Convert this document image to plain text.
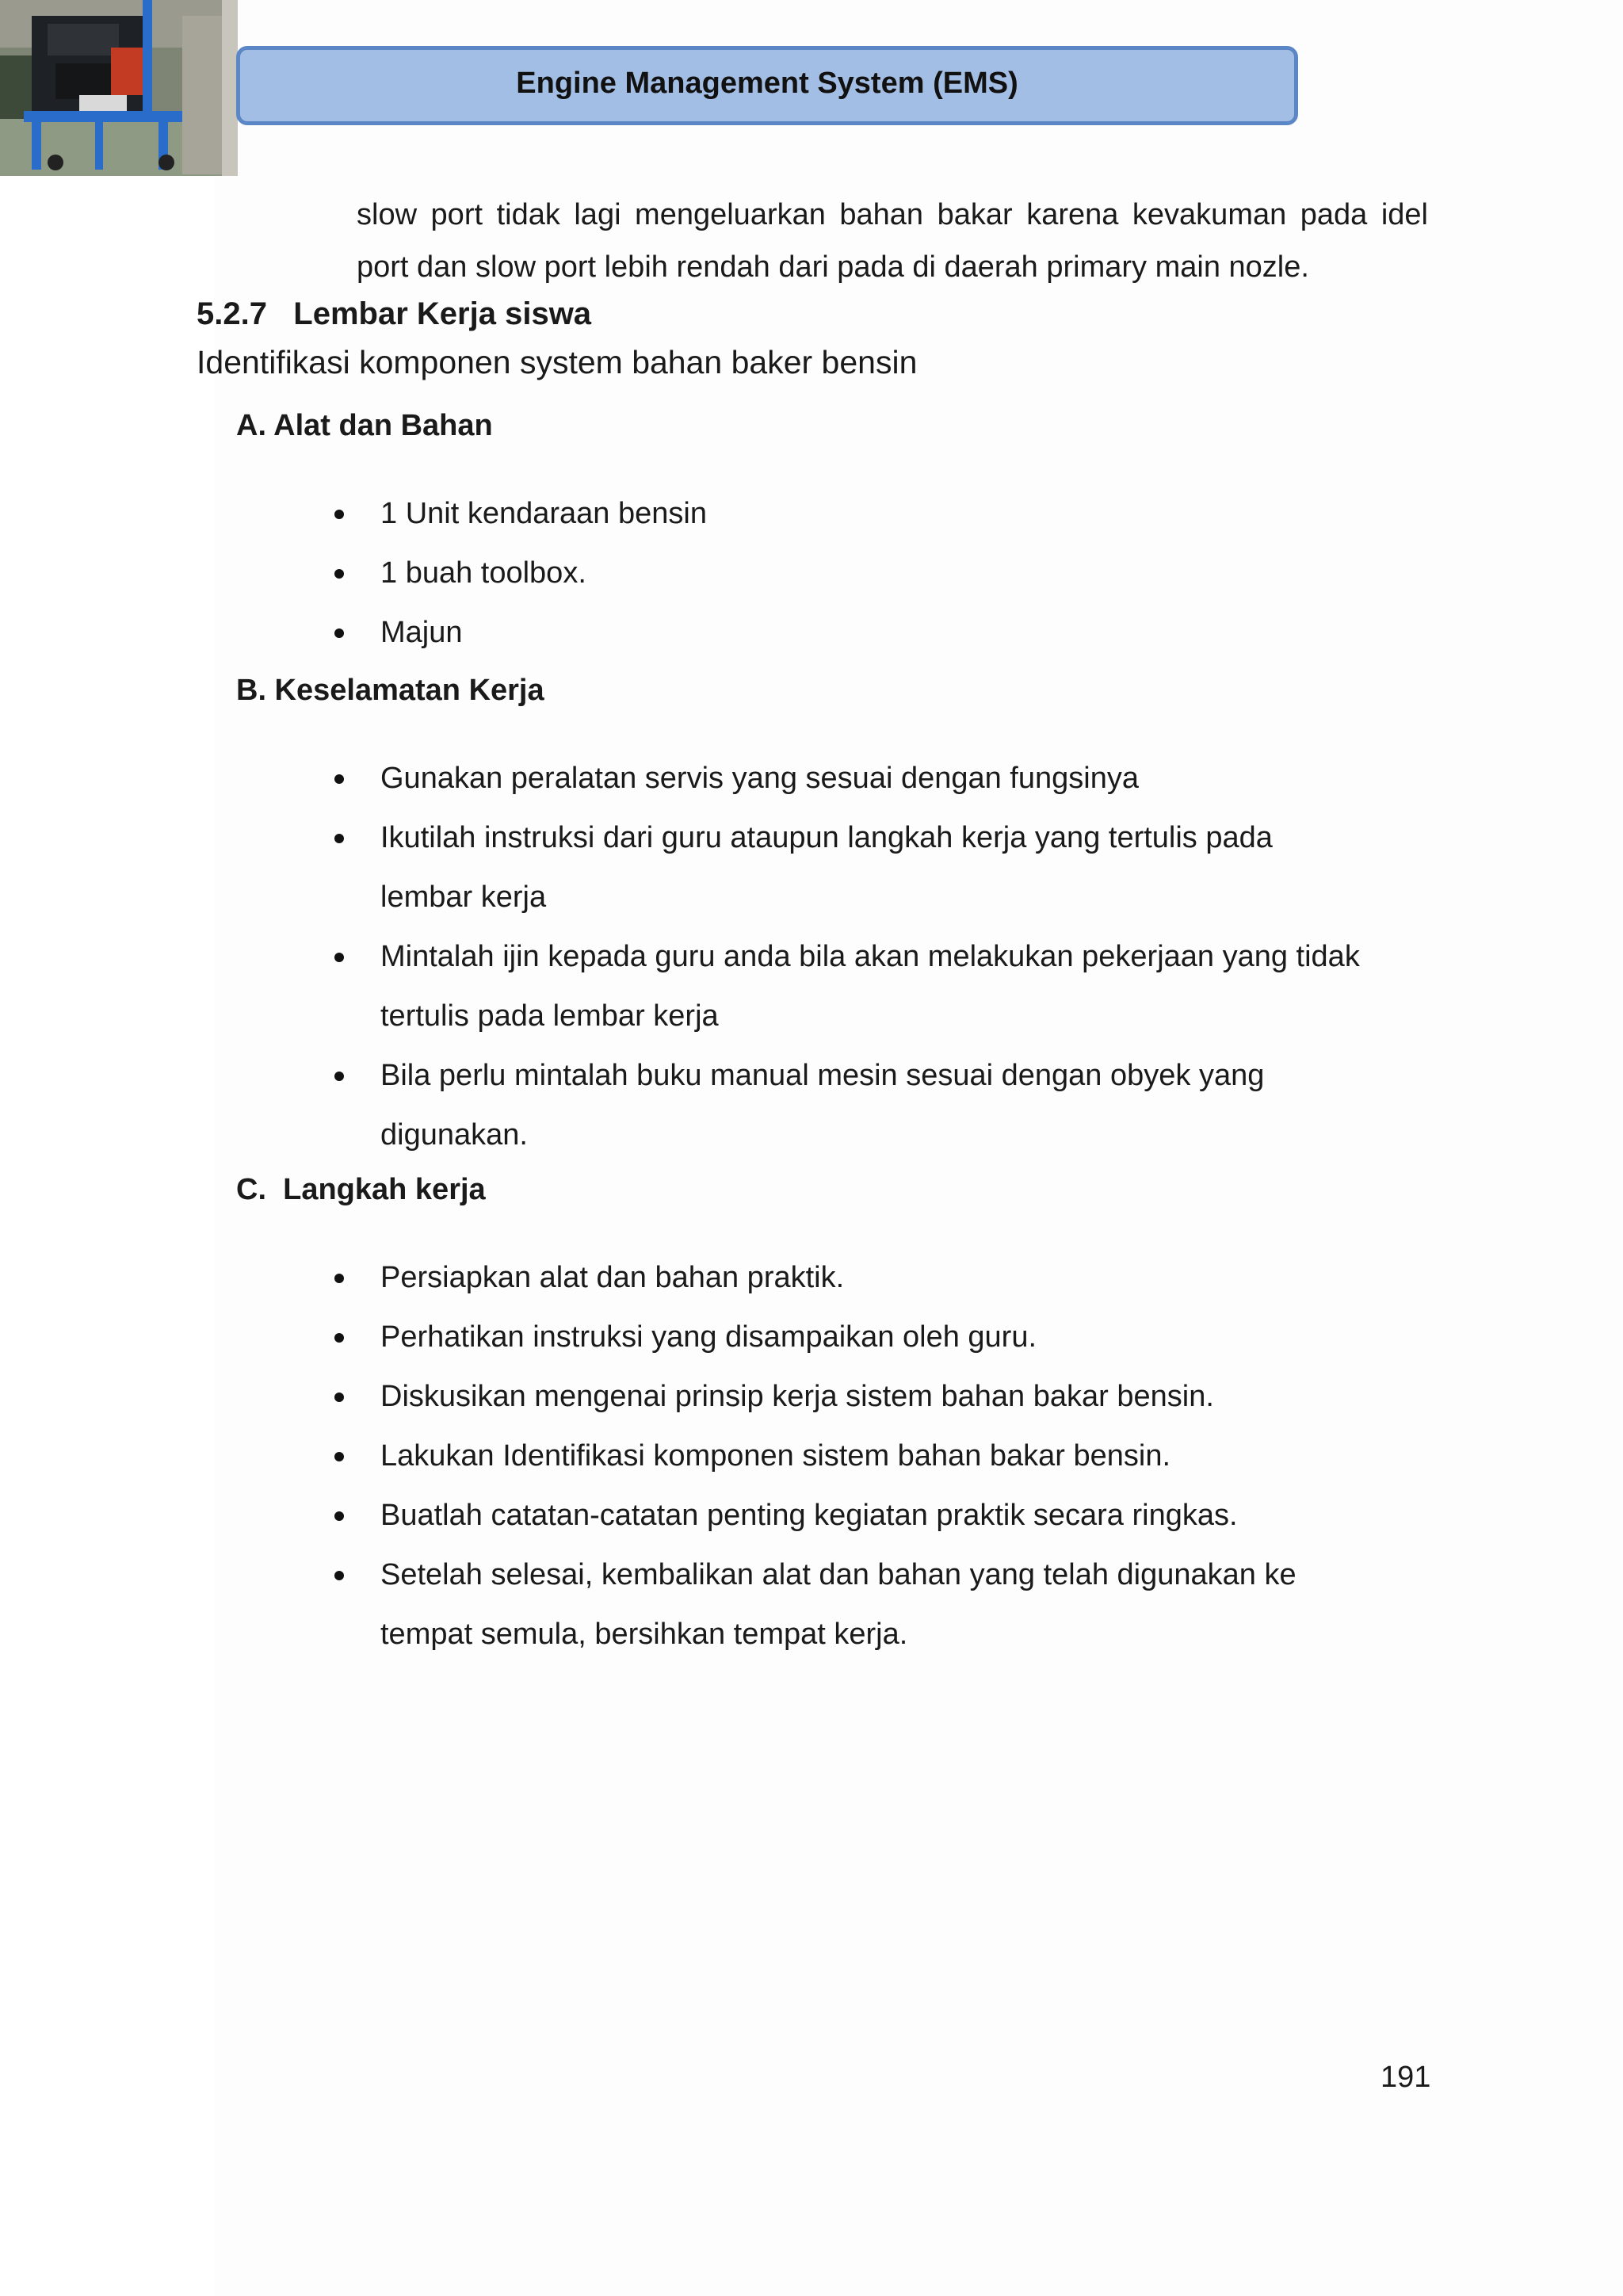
Engine Management System (EMS)
slow port tidak lagi mengeluarkan bahan bakar karena kevakuman pada idel port dan slow port lebih rendah dari pada di daerah primary main nozle.
5.2.7   Lembar Kerja siswa
Identifikasi komponen system bahan baker bensin
A. Alat dan Bahan
1 Unit kendaraan bensin
1 buah toolbox.
Majun
B. Keselamatan Kerja
Gunakan peralatan servis yang sesuai dengan fungsinya
Ikutilah instruksi dari guru ataupun langkah kerja yang tertulis pada lembar kerja
Mintalah ijin kepada guru anda bila akan melakukan pekerjaan yang tidak tertulis pada lembar kerja
Bila perlu mintalah buku manual mesin sesuai dengan obyek yang digunakan.
C.  Langkah kerja
Persiapkan alat dan bahan praktik.
Perhatikan instruksi yang disampaikan oleh guru.
Diskusikan mengenai prinsip kerja sistem bahan bakar bensin.
Lakukan Identifikasi komponen sistem bahan bakar bensin.
Buatlah catatan-catatan penting kegiatan praktik secara ringkas.
Setelah selesai, kembalikan alat dan bahan yang telah digunakan ke tempat semula, bersihkan tempat kerja.
191
